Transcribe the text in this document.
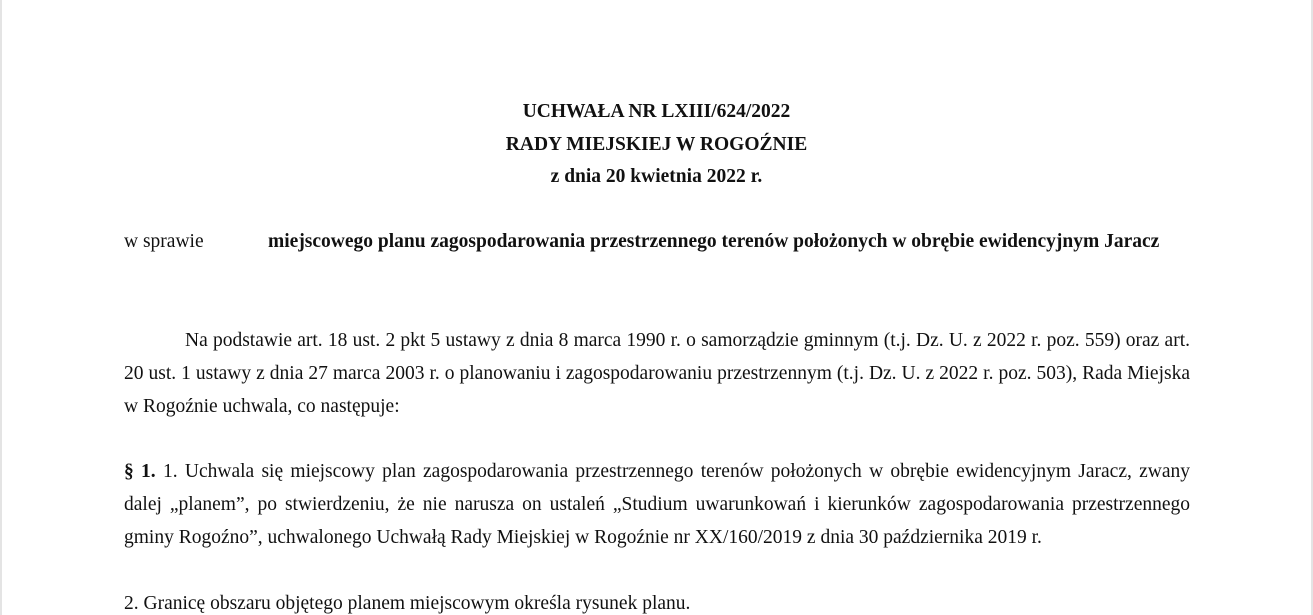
UCHWAŁA NR LXIII/624/2022
RADY MIEJSKIEJ W ROGOŹNIE
z dnia 20 kwietnia 2022 r.
w sprawie	miejscowego planu zagospodarowania przestrzennego terenów położonych w obrębie ewidencyjnym Jaracz
Na podstawie art. 18 ust. 2 pkt 5 ustawy z dnia 8 marca 1990 r. o samorządzie gminnym (t.j. Dz. U. z 2022 r. poz. 559) oraz art. 20 ust. 1 ustawy z dnia 27 marca 2003 r. o planowaniu i zagospodarowaniu przestrzennym (t.j. Dz. U. z 2022 r. poz. 503), Rada Miejska w Rogoźnie uchwala, co następuje:
§ 1. 1. Uchwala się miejscowy plan zagospodarowania przestrzennego terenów położonych w obrębie ewidencyjnym Jaracz, zwany dalej „planem”, po stwierdzeniu, że nie narusza on ustaleń „Studium uwarunkowań i kierunków zagospodarowania przestrzennego gminy Rogoźno”, uchwalonego Uchwałą Rady Miejskiej w Rogoźnie nr XX/160/2019 z dnia 30 października 2019 r.
2. Granicę obszaru objętego planem miejscowym określa rysunek planu.
